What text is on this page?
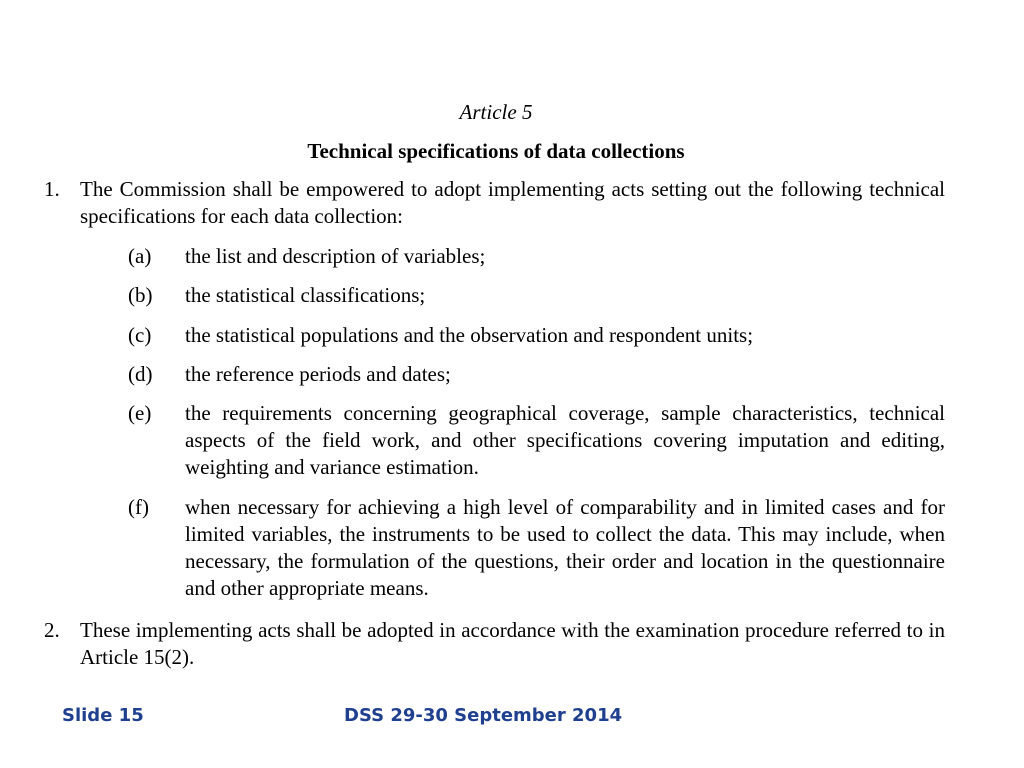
Article 5
Technical specifications of data collections
1. The Commission shall be empowered to adopt implementing acts setting out the following technical specifications for each data collection:
(a) the list and description of variables;
(b) the statistical classifications;
(c) the statistical populations and the observation and respondent units;
(d) the reference periods and dates;
(e) the requirements concerning geographical coverage, sample characteristics, technical aspects of the field work, and other specifications covering imputation and editing, weighting and variance estimation.
(f) when necessary for achieving a high level of comparability and in limited cases and for limited variables, the instruments to be used to collect the data. This may include, when necessary, the formulation of the questions, their order and location in the questionnaire and other appropriate means.
2. These implementing acts shall be adopted in accordance with the examination procedure referred to in Article 15(2).
Slide 15	DSS 29-30 September 2014
